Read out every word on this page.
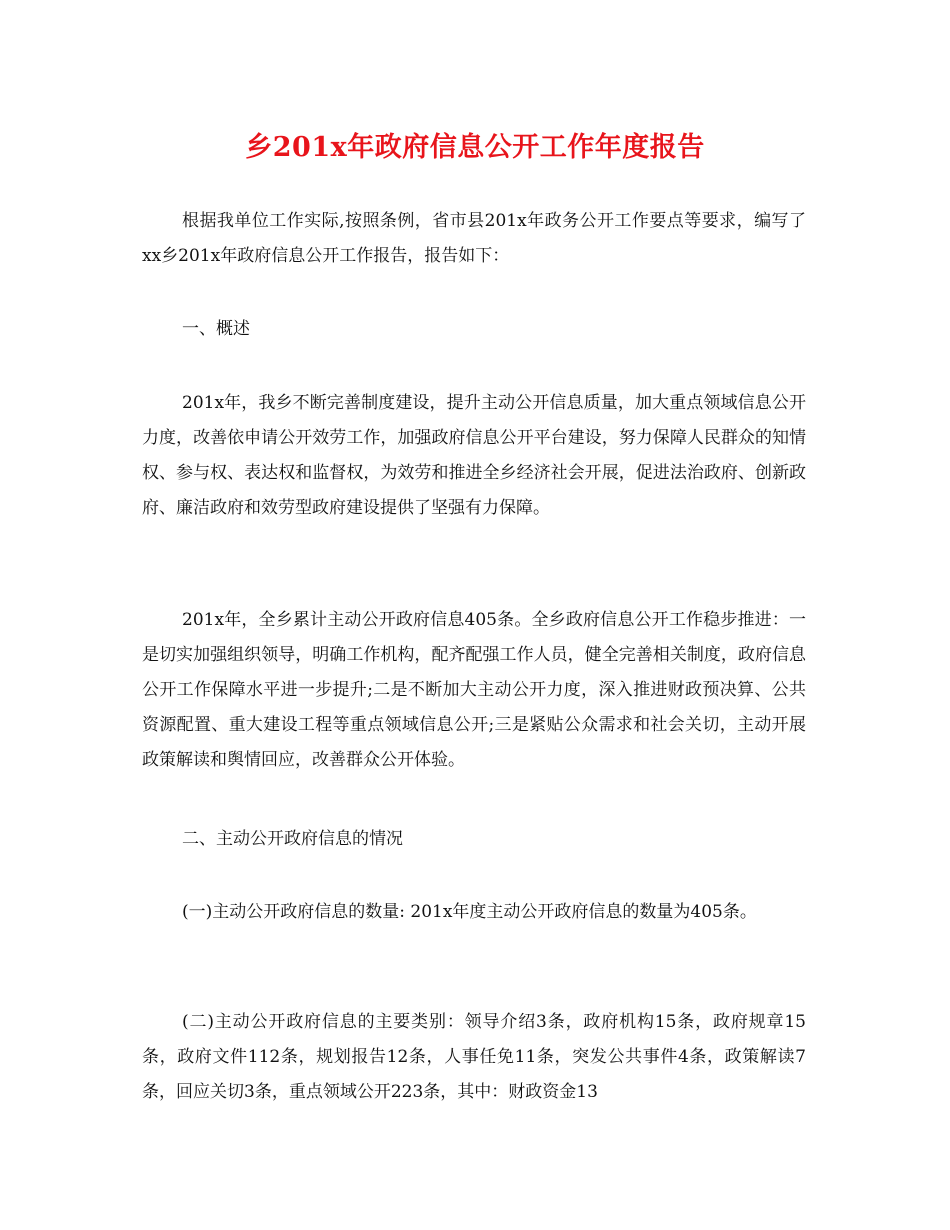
乡201x年政府信息公开工作年度报告

根据我单位工作实际,按照条例，省市县201x年政务公开工作要点等要求，编写了xx乡201x年政府信息公开工作报告，报告如下：

一、概述

201x年，我乡不断完善制度建设，提升主动公开信息质量，加大重点领域信息公开力度，改善依申请公开效劳工作，加强政府信息公开平台建设，努力保障人民群众的知情权、参与权、表达权和监督权，为效劳和推进全乡经济社会开展，促进法治政府、创新政府、廉洁政府和效劳型政府建设提供了坚强有力保障。

201x年，全乡累计主动公开政府信息405条。全乡政府信息公开工作稳步推进：一是切实加强组织领导，明确工作机构，配齐配强工作人员，健全完善相关制度，政府信息公开工作保障水平进一步提升;二是不断加大主动公开力度，深入推进财政预决算、公共资源配置、重大建设工程等重点领域信息公开;三是紧贴公众需求和社会关切，主动开展政策解读和舆情回应，改善群众公开体验。

二、主动公开政府信息的情况

(一)主动公开政府信息的数量: 201x年度主动公开政府信息的数量为405条。

(二)主动公开政府信息的主要类别：领导介绍3条，政府机构15条，政府规章15条，政府文件112条，规划报告12条，人事任免11条，突发公共事件4条，政策解读7条，回应关切3条，重点领域公开223条，其中：财政资金13
